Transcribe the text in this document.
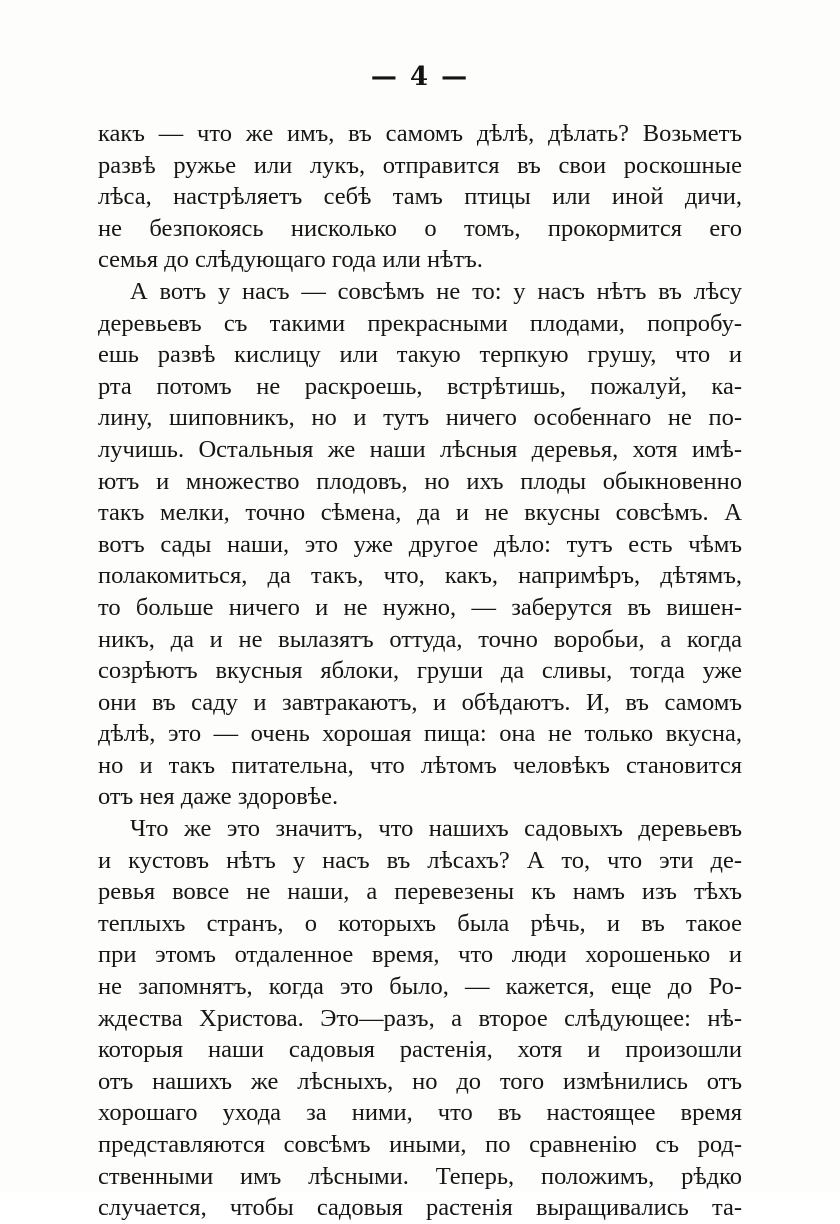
— 4 —
какъ — что же имъ, въ самомъ дѣлѣ, дѣлать? Возьметъ
развѣ ружье или лукъ, отправится въ свои роскошные
лѣса, настрѣляетъ себѣ тамъ птицы или иной дичи,
не безпокоясь нисколько о томъ, прокормится его
семья до слѣдующаго года или нѣтъ.
А вотъ у насъ — совсѣмъ не то: у насъ нѣтъ въ лѣсу
деревьевъ съ такими прекрасными плодами, попробу-
ешь развѣ кислицу или такую терпкую грушу, что и
рта потомъ не раскроешь, встрѣтишь, пожалуй, ка-
лину, шиповникъ, но и тутъ ничего особеннаго не по-
лучишь. Остальныя же наши лѣсныя деревья, хотя имѣ-
ютъ и множество плодовъ, но ихъ плоды обыкновенно
такъ мелки, точно сѣмена, да и не вкусны совсѣмъ. А
вотъ сады наши, это уже другое дѣло: тутъ есть чѣмъ
полакомиться, да такъ, что, какъ, напримѣръ, дѣтямъ,
то больше ничего и не нужно, — заберутся въ вишен-
никъ, да и не вылазятъ оттуда, точно воробьи, а когда
созрѣютъ вкусныя яблоки, груши да сливы, тогда уже
они въ саду и завтракаютъ, и обѣдаютъ. И, въ самомъ
дѣлѣ, это — очень хорошая пища: она не только вкусна,
но и такъ питательна, что лѣтомъ человѣкъ становится
отъ нея даже здоровѣе.
Что же это значитъ, что нашихъ садовыхъ деревьевъ
и кустовъ нѣтъ у насъ въ лѣсахъ? А то, что эти де-
ревья вовсе не наши, а перевезены къ намъ изъ тѣхъ
теплыхъ странъ, о которыхъ была рѣчь, и въ такое
при этомъ отдаленное время, что люди хорошенько и
не запомнятъ, когда это было, — кажется, еще до Ро-
ждества Христова. Это—разъ, а второе слѣдующее: нѣ-
которыя наши садовыя растенія, хотя и произошли
отъ нашихъ же лѣсныхъ, но до того измѣнились отъ
хорошаго ухода за ними, что въ настоящее время
представляются совсѣмъ иными, по сравненію съ род-
ственными имъ лѣсными. Теперь, положимъ, рѣдко
случается, чтобы садовыя растенія выращивались та-
